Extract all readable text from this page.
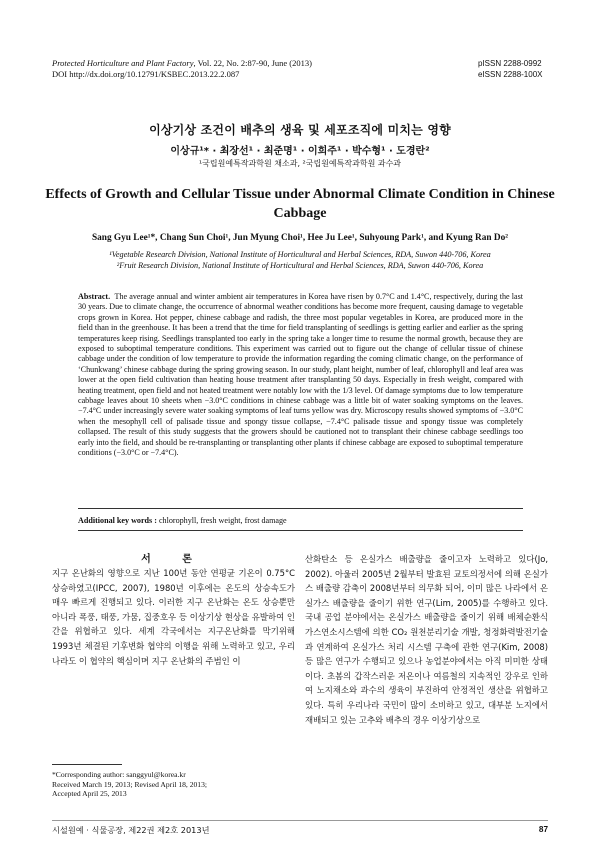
Protected Horticulture and Plant Factory, Vol. 22, No. 2:87-90, June (2013)
DOI http://dx.doi.org/10.12791/KSBEC.2013.22.2.087
pISSN 2288-0992
eISSN 2288-100X
이상기상 조건이 배추의 생육 및 세포조직에 미치는 영향
이상규¹* · 최장선¹ · 최준명¹ · 이희주¹ · 박수형¹ · 도경란²
¹국립원예특작과학원 채소과, ²국립원예특작과학원 과수과
Effects of Growth and Cellular Tissue under Abnormal Climate Condition in Chinese Cabbage
Sang Gyu Lee¹*, Chang Sun Choi¹, Jun Myung Choi¹, Hee Ju Lee¹, Suhyoung Park¹, and Kyung Ran Do²
¹Vegetable Research Division, National Institute of Horticultural and Herbal Sciences, RDA, Suwon 440-706, Korea
²Fruit Research Division, National Institute of Horticultural and Herbal Sciences, RDA, Suwon 440-706, Korea
Abstract. The average annual and winter ambient air temperatures in Korea have risen by 0.7°C and 1.4°C, respectively, during the last 30 years. Due to climate change, the occurrence of abnormal weather conditions has become more frequent, causing damage to vegetable crops grown in Korea. Hot pepper, chinese cabbage and radish, the three most popular vegetables in Korea, are produced more in the field than in the greenhouse. It has been a trend that the time for field transplanting of seedlings is getting earlier and earlier as the spring temperatures keep rising. Seedlings transplanted too early in the spring take a longer time to resume the normal growth, because they are exposed to suboptimal temperature conditions. This experiment was carried out to figure out the change of cellular tissue of chinese cabbage under the condition of low temperature to provide the information regarding the coming climatic change, on the performance of ‘Chunkwang’ chinese cabbage during the spring growing season. In our study, plant height, number of leaf, chlorophyll and leaf area was lower at the open field cultivation than heating house treatment after transplanting 50 days. Especially in fresh weight, compared with heating treatment, open field and not heated treatment were notably low with the 1/3 level. Of damage symptoms due to low temperature cabbage leaves about 10 sheets when −3.0°C conditions in chinese cabbage was a little bit of water soaking symptoms on the leaves. −7.4°C under increasingly severe water soaking symptoms of leaf turns yellow was dry. Microscopy results showed symptoms of −3.0°C when the mesophyll cell of palisade tissue and spongy tissue collapse, −7.4°C palisade tissue and spongy tissue was completely collapsed. The result of this study suggests that the growers should be cautioned not to transplant their chinese cabbage seedlings too early into the field, and should be re-transplanting or transplanting other plants if chinese cabbage are exposed to suboptimal temperature conditions (−3.0°C or −7.4°C).
Additional key words : chlorophyll, fresh weight, frost damage
서 론
지구 온난화의 영향으로 지난 100년 동안 연평균 기온이 0.75°C 상승하였고(IPCC, 2007), 1980년 이후에는 온도의 상승속도가 매우 빠르게 진행되고 있다. 이러한 지구 온난화는 온도 상승뿐만 아니라 폭풍, 태풍, 가뭄, 집중호우 등 이상기상 현상을 유발하여 인간을 위협하고 있다. 세계 각국에서는 지구온난화를 막기위해 1993년 체결된 기후변화 협약의 이행을 위해 노력하고 있고, 우리나라도 이 협약의 핵심이며 지구 온난화의 주범인 이
산화탄소 등 온실가스 배출량을 줄이고자 노력하고 있다(Jo, 2002). 아울러 2005년 2월부터 발효된 교토의정서에 의해 온실가스 배출량 감축이 2008년부터 의무화 되어, 이미 많은 나라에서 온실가스 배출량을 줄이기 위한 연구(Lim, 2005)를 수행하고 있다. 국내 공업 분야에서는 온실가스 배출량을 줄이기 위해 배체순환식 가스연소시스템에 의한 CO₂ 원천분리기술 개발, 청정화력발전기술과 연계하여 온실가스 처리 시스템 구축에 관한 연구(Kim, 2008) 등 많은 연구가 수행되고 있으나 농업분야에서는 아직 미미한 상태이다. 초봄의 갑작스러운 저온이나 여름철의 지속적인 강우로 인하여 노지채소와 과수의 생육이 부진하여 안정적인 생산을 위협하고 있다. 특히 우리나라 국민이 많이 소비하고 있고, 대부분 노지에서 재배되고 있는 고추와 배추의 경우 이상기상으로
*Corresponding author: sanggyul@korea.kr
Received March 19, 2013; Revised April 18, 2013;
Accepted April 25, 2013
시설원예 · 식물공장, 제22권 제2호 2013년	87
